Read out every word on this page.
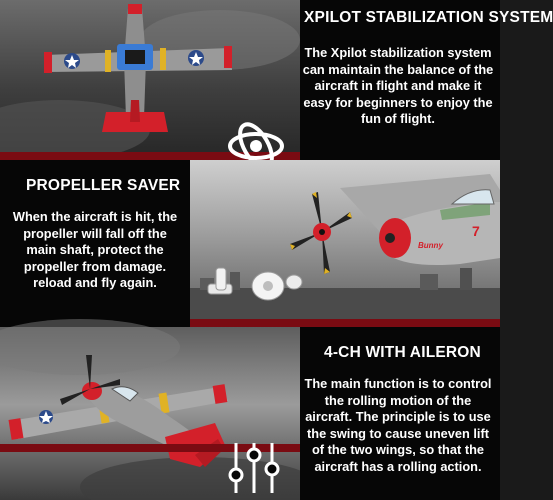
XPILOT STABILIZATION SYSTEM
The Xpilot stabilization system can maintain the balance of the aircraft in flight and make it easy for beginners to enjoy the fun of flight.
Bunny
7
PROPELLER SAVER
When the aircraft is hit, the propeller will fall off the main shaft, protect the propeller from damage. reload and fly again.
4-CH WITH AILERON
The main function is to control the rolling motion of the aircraft. The principle is to use the swing to cause uneven lift of the two wings, so that the aircraft has a rolling action.
